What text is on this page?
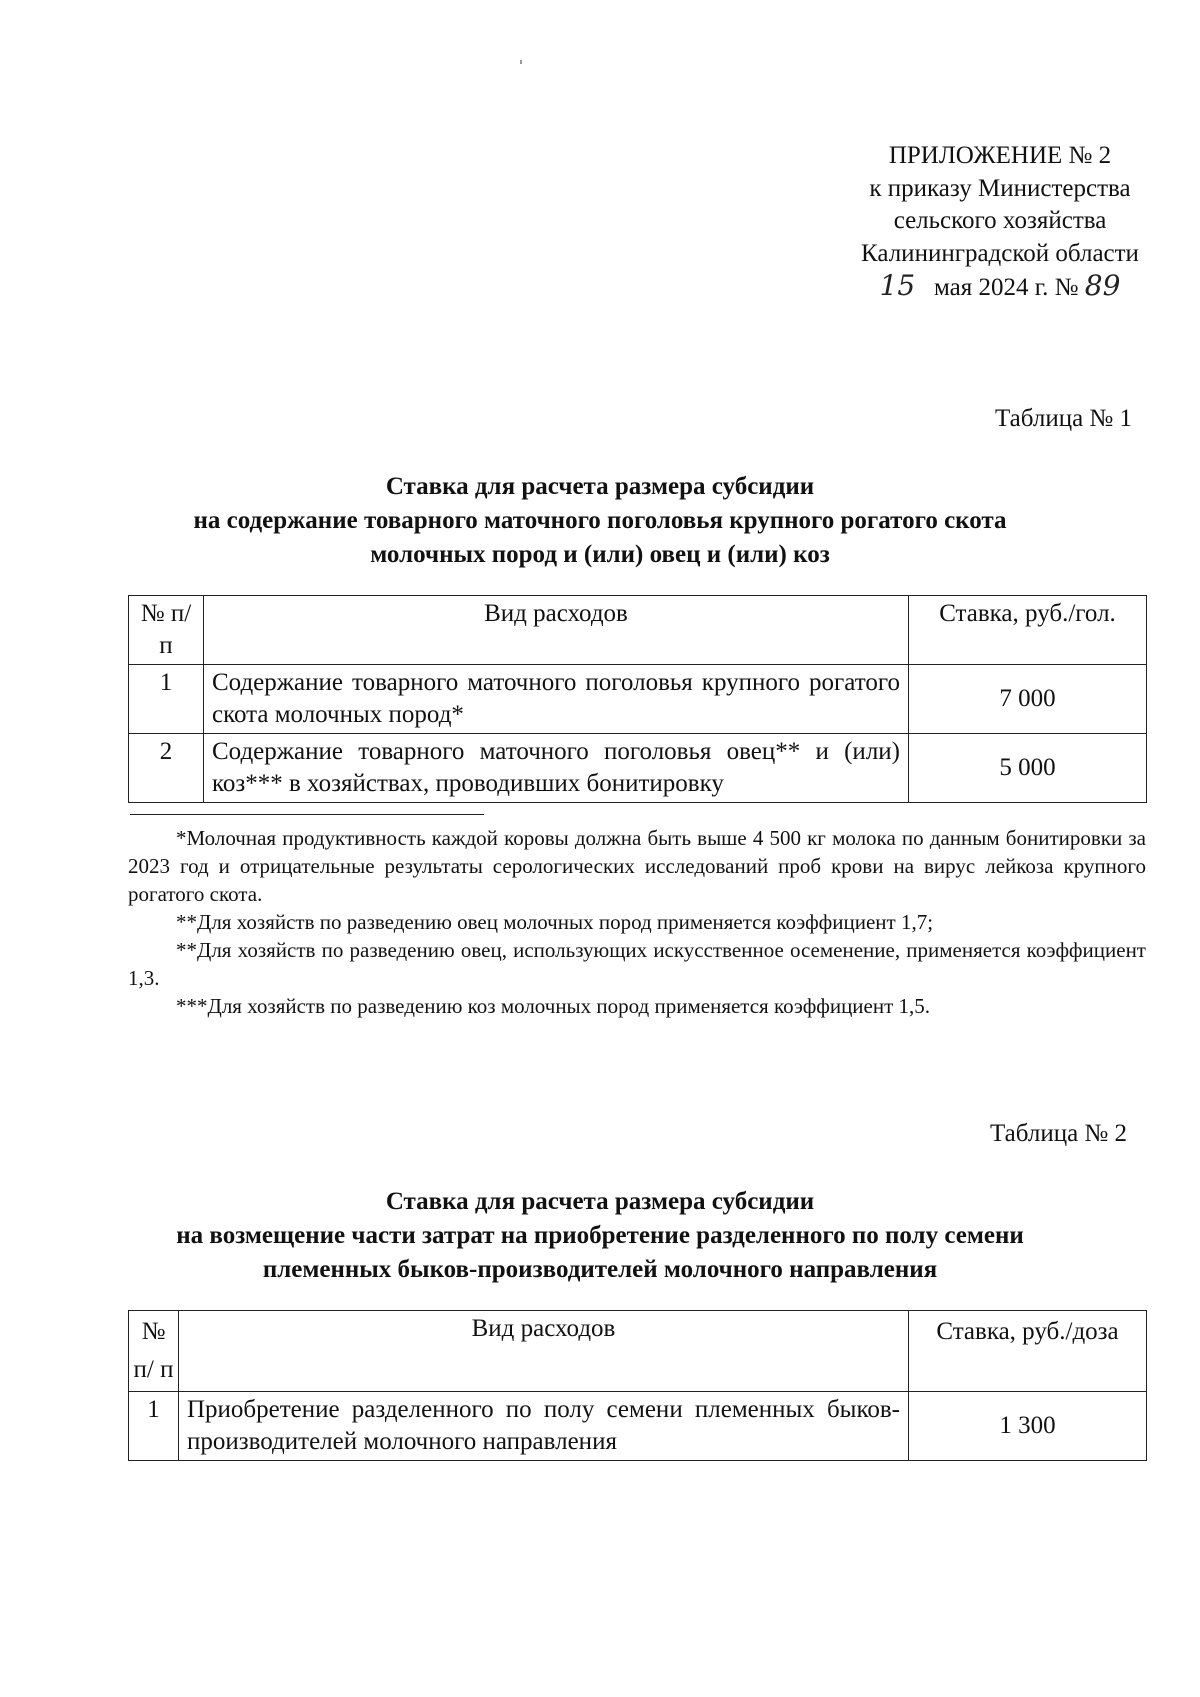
ПРИЛОЖЕНИЕ № 2
к приказу Министерства
сельского хозяйства
Калининградской области
15 мая 2024 г. № 89
Таблица № 1
Ставка для расчета размера субсидии
на содержание товарного маточного поголовья крупного рогатого скота
молочных пород и (или) овец и (или) коз
№ п/п	Вид расходов	Ставка, руб./гол.
1	Содержание товарного маточного поголовья крупного рогатого скота молочных пород*	7 000
2	Содержание товарного маточного поголовья овец** и (или) коз*** в хозяйствах, проводивших бонитировку	5 000

*Молочная продуктивность каждой коровы должна быть выше 4 500 кг молока по данным бонитировки за 2023 год и отрицательные результаты серологических исследований проб крови на вирус лейкоза крупного рогатого скота.

**Для хозяйств по разведению овец молочных пород применяется коэффициент 1,7;

**Для хозяйств по разведению овец, использующих искусственное осеменение, применяется коэффициент 1,3.

***Для хозяйств по разведению коз молочных пород применяется коэффициент 1,5.

Таблица № 2
Ставка для расчета размера субсидии
на возмещение части затрат на приобретение разделенного по полу семени
племенных быков-производителей молочного направления
№ п/ п	Вид расходов	Ставка, руб./доза
1	Приобретение разделенного по полу семени племенных быков-производителей молочного направления	1 300
